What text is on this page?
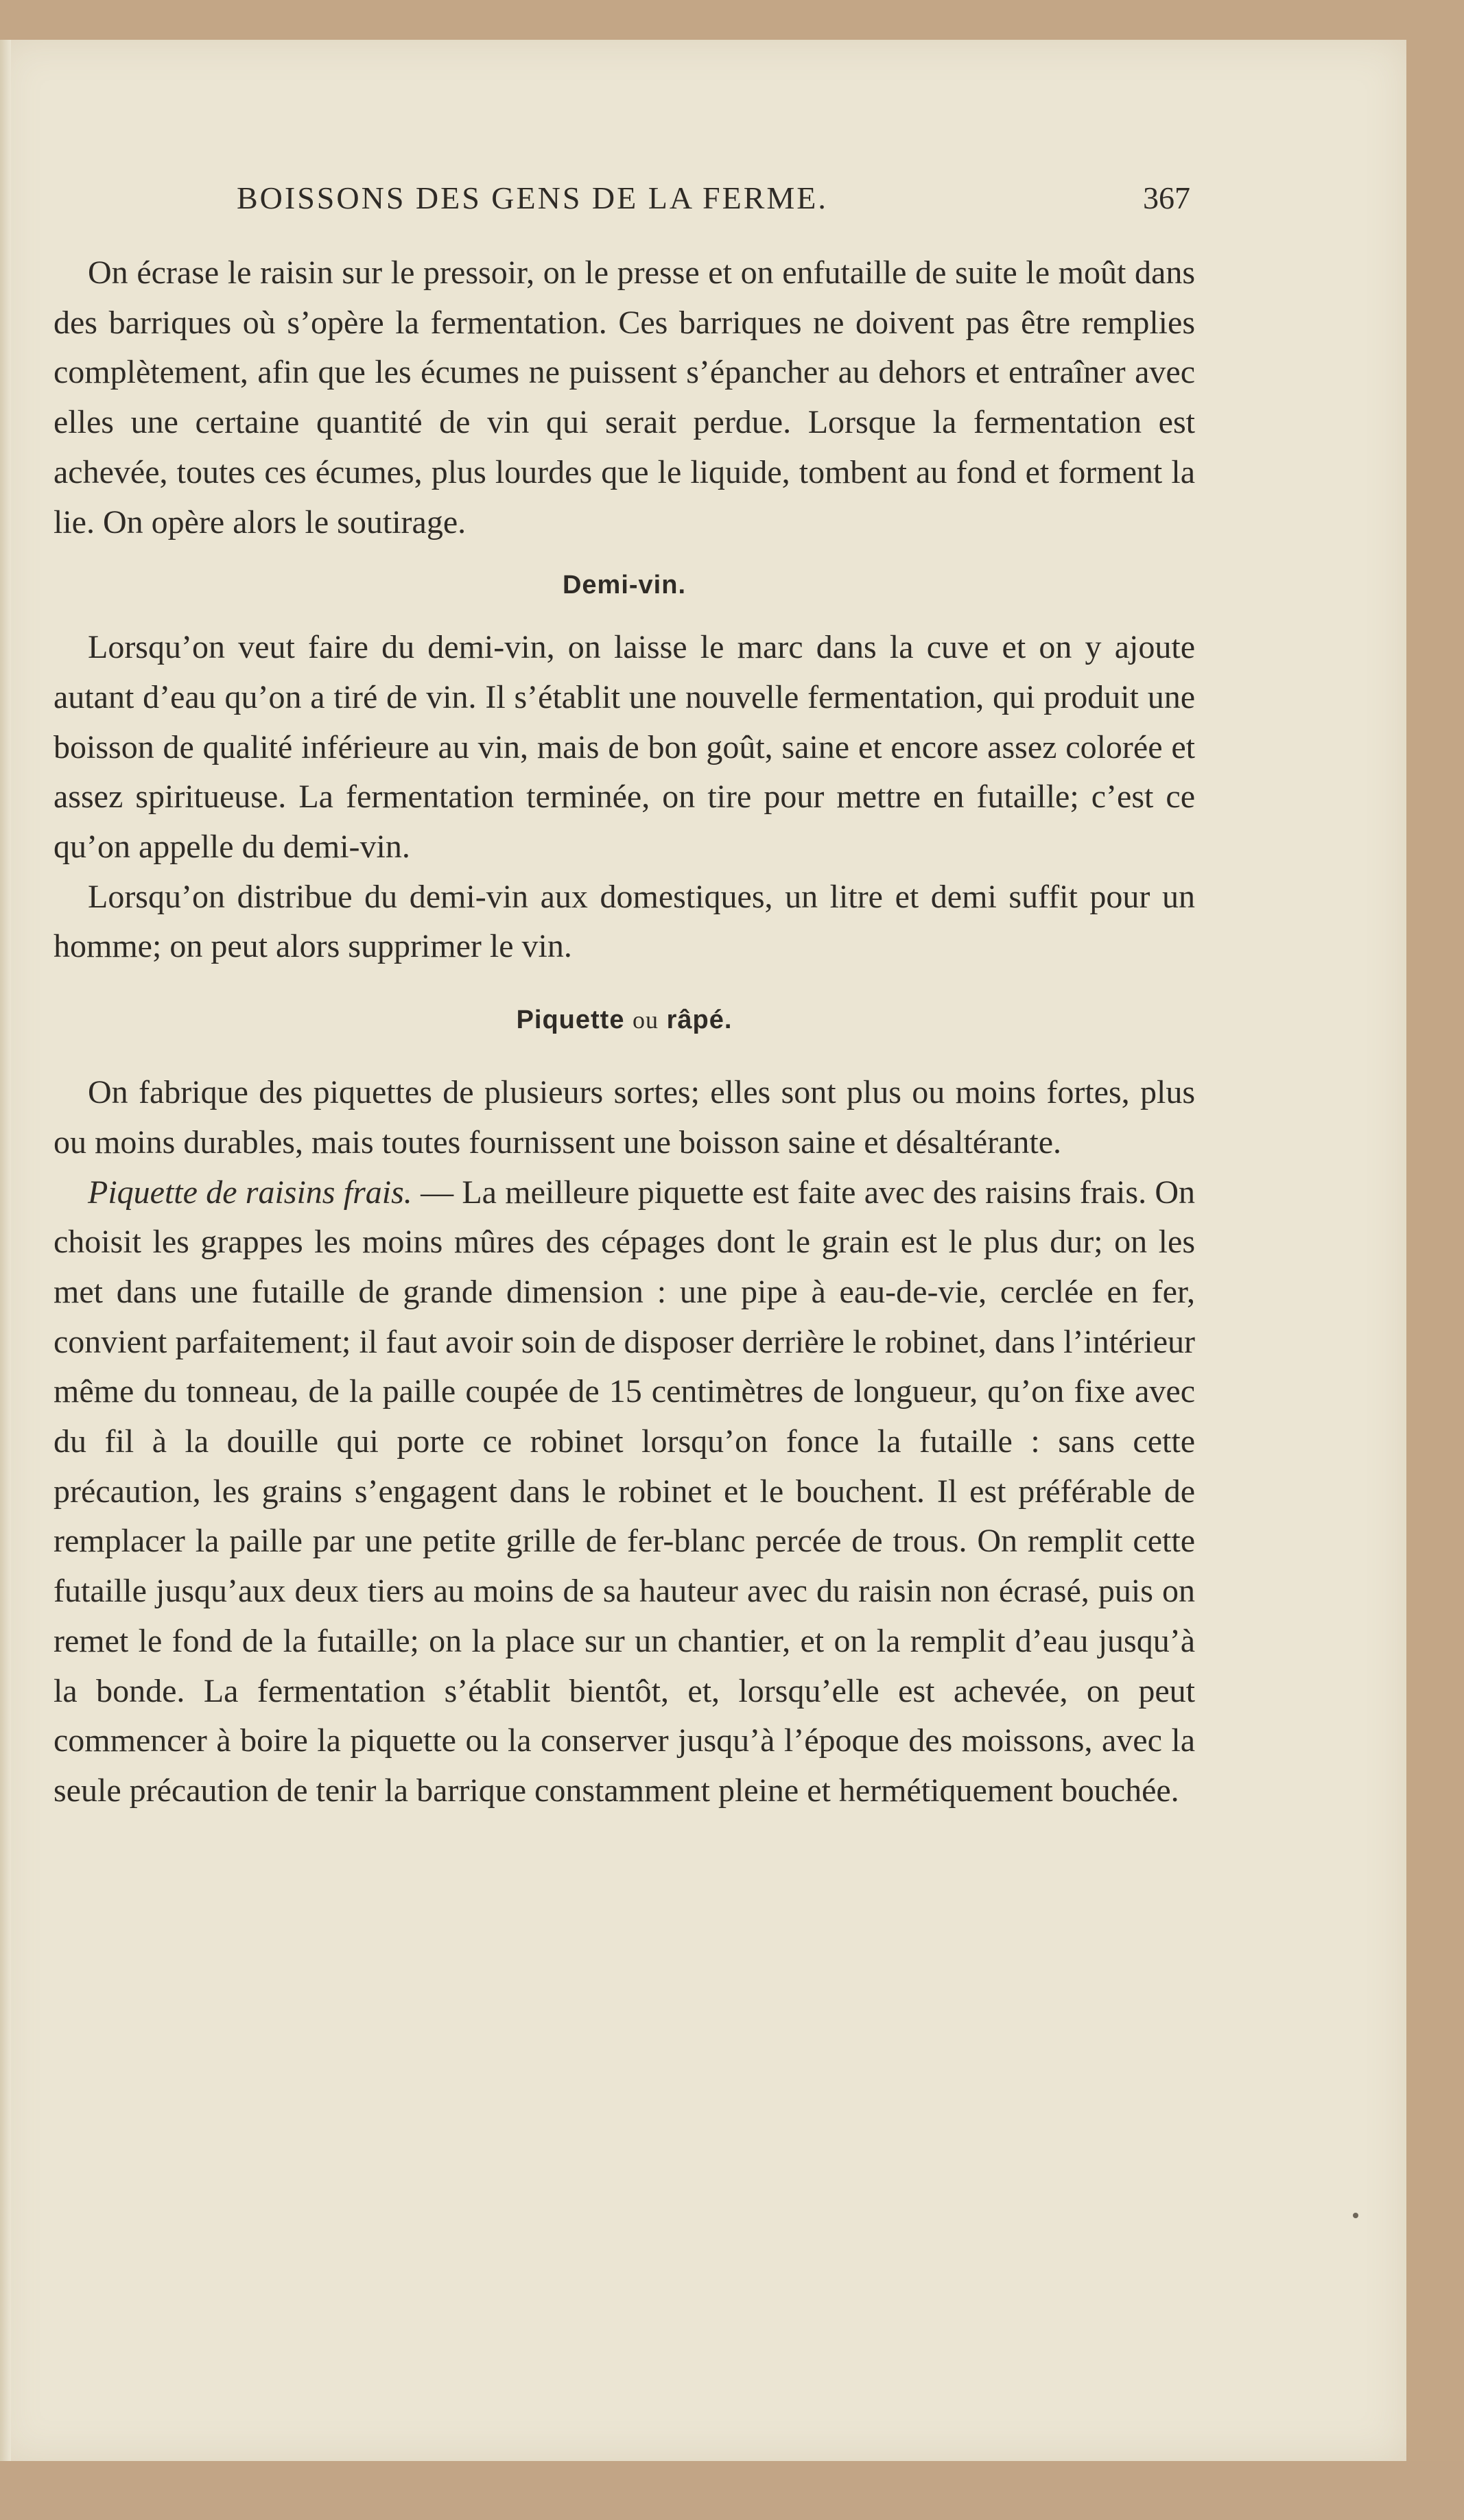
BOISSONS DES GENS DE LA FERME.	367

On écrase le raisin sur le pressoir, on le presse et on enfutaille de suite le moût dans des barriques où s’opère la fermentation. Ces barriques ne doivent pas être remplies complètement, afin que les écumes ne puissent s’épancher au dehors et entraîner avec elles une certaine quantité de vin qui serait perdue. Lorsque la fermentation est achevée, toutes ces écumes, plus lourdes que le liquide, tombent au fond et forment la lie. On opère alors le soutirage.

Demi-vin.

Lorsqu’on veut faire du demi-vin, on laisse le marc dans la cuve et on y ajoute autant d’eau qu’on a tiré de vin. Il s’établit une nouvelle fermentation, qui produit une boisson de qualité inférieure au vin, mais de bon goût, saine et encore assez colorée et assez spiritueuse. La fermentation terminée, on tire pour mettre en futaille; c’est ce qu’on appelle du demi-vin.

Lorsqu’on distribue du demi-vin aux domestiques, un litre et demi suffit pour un homme; on peut alors supprimer le vin.

Piquette ou râpé.

On fabrique des piquettes de plusieurs sortes; elles sont plus ou moins fortes, plus ou moins durables, mais toutes fournissent une boisson saine et désaltérante.

Piquette de raisins frais. — La meilleure piquette est faite avec des raisins frais. On choisit les grappes les moins mûres des cépages dont le grain est le plus dur; on les met dans une futaille de grande dimension : une pipe à eau-de-vie, cerclée en fer, convient parfaitement; il faut avoir soin de disposer derrière le robinet, dans l’intérieur même du tonneau, de la paille coupée de 15 centimètres de longueur, qu’on fixe avec du fil à la douille qui porte ce robinet lorsqu’on fonce la futaille : sans cette précaution, les grains s’engagent dans le robinet et le bouchent. Il est préférable de remplacer la paille par une petite grille de fer-blanc percée de trous. On remplit cette futaille jusqu’aux deux tiers au moins de sa hauteur avec du raisin non écrasé, puis on remet le fond de la futaille; on la place sur un chantier, et on la remplit d’eau jusqu’à la bonde. La fermentation s’établit bientôt, et, lorsqu’elle est achevée, on peut commencer à boire la piquette ou la conserver jusqu’à l’époque des moissons, avec la seule précaution de tenir la barrique constamment pleine et hermétiquement bouchée.
